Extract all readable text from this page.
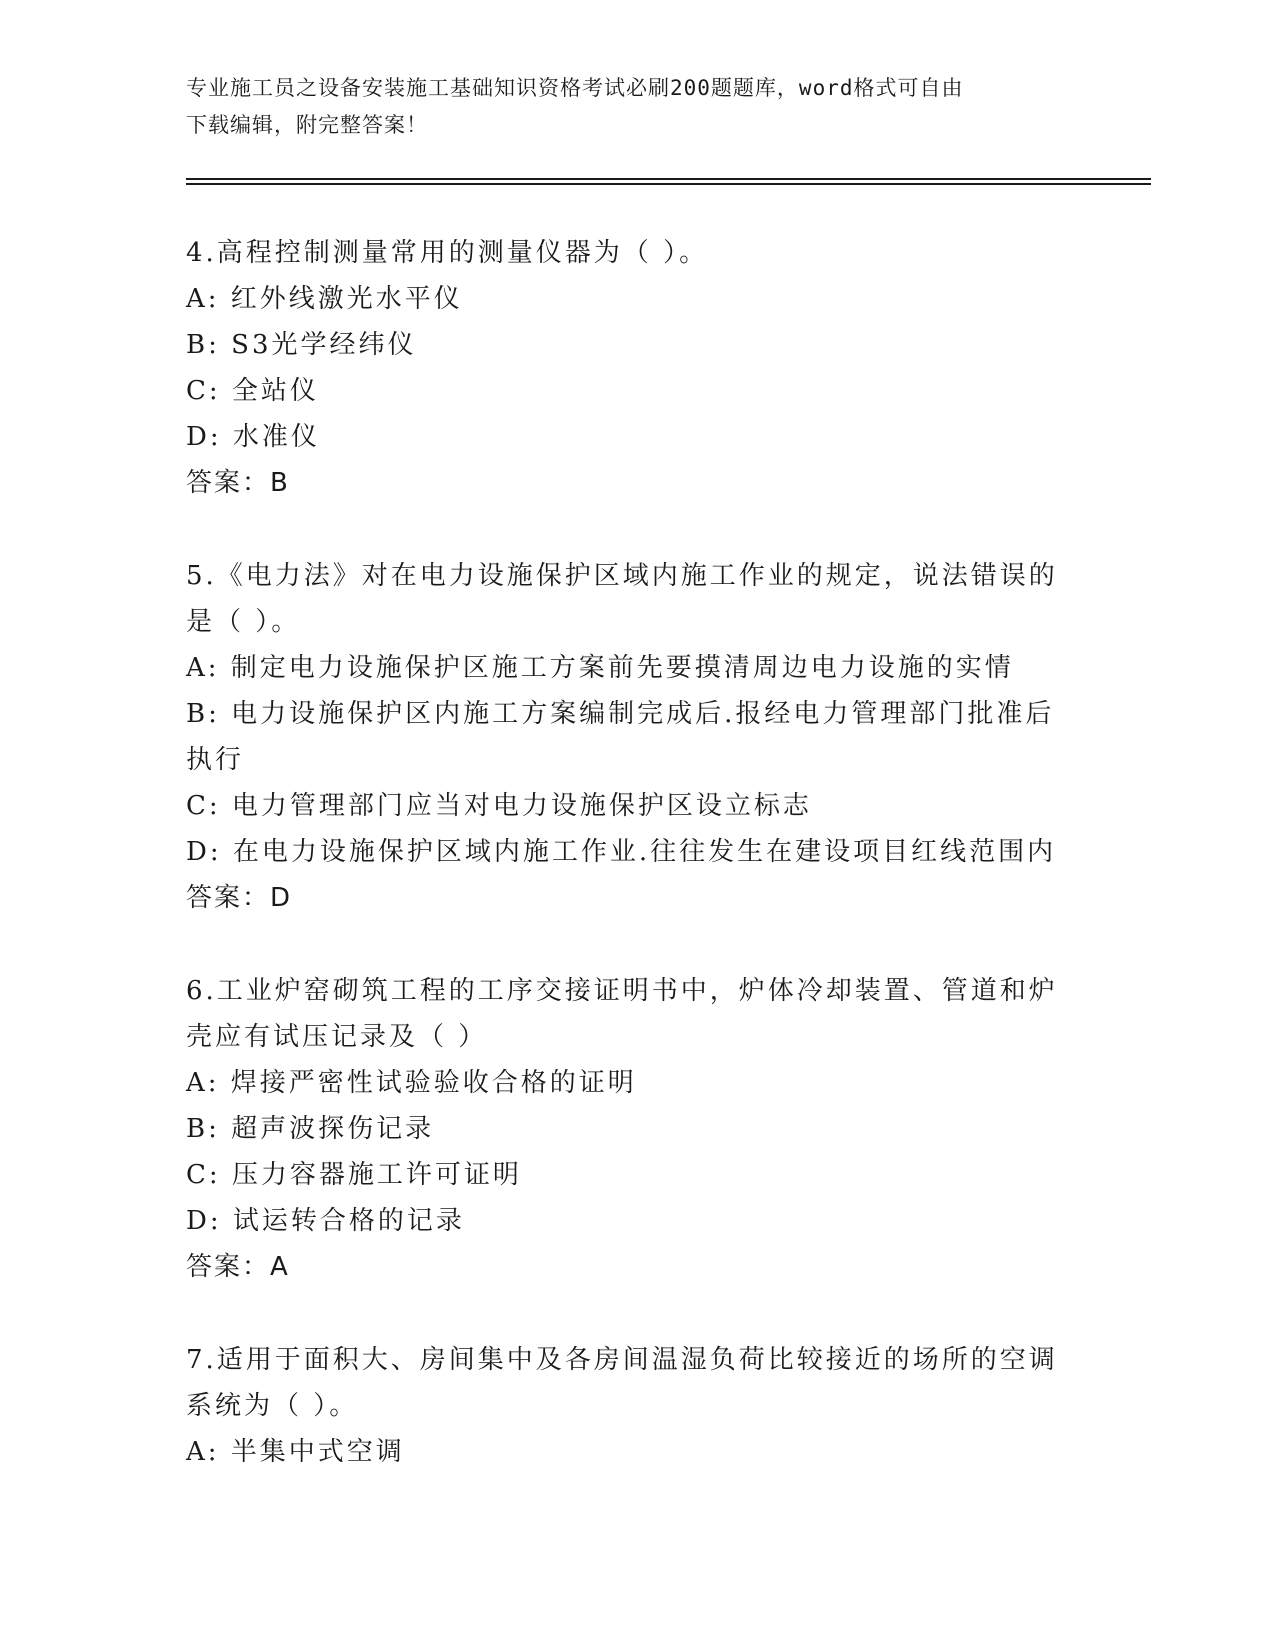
专业施工员之设备安装施工基础知识资格考试必刷200题题库，word格式可自由
下载编辑，附完整答案！
4.高程控制测量常用的测量仪器为（ ）。
A: 红外线激光水平仪
B: S3光学经纬仪
C: 全站仪
D: 水准仪
答案：B
5.《电力法》对在电力设施保护区域内施工作业的规定，说法错误的
是（ ）。
A: 制定电力设施保护区施工方案前先要摸清周边电力设施的实情
B: 电力设施保护区内施工方案编制完成后.报经电力管理部门批准后
执行
C: 电力管理部门应当对电力设施保护区设立标志
D: 在电力设施保护区域内施工作业.往往发生在建设项目红线范围内
答案：D
6.工业炉窑砌筑工程的工序交接证明书中，炉体冷却装置、管道和炉
壳应有试压记录及（ ）
A: 焊接严密性试验验收合格的证明
B: 超声波探伤记录
C: 压力容器施工许可证明
D: 试运转合格的记录
答案：A
7.适用于面积大、房间集中及各房间温湿负荷比较接近的场所的空调
系统为（ ）。
A: 半集中式空调
